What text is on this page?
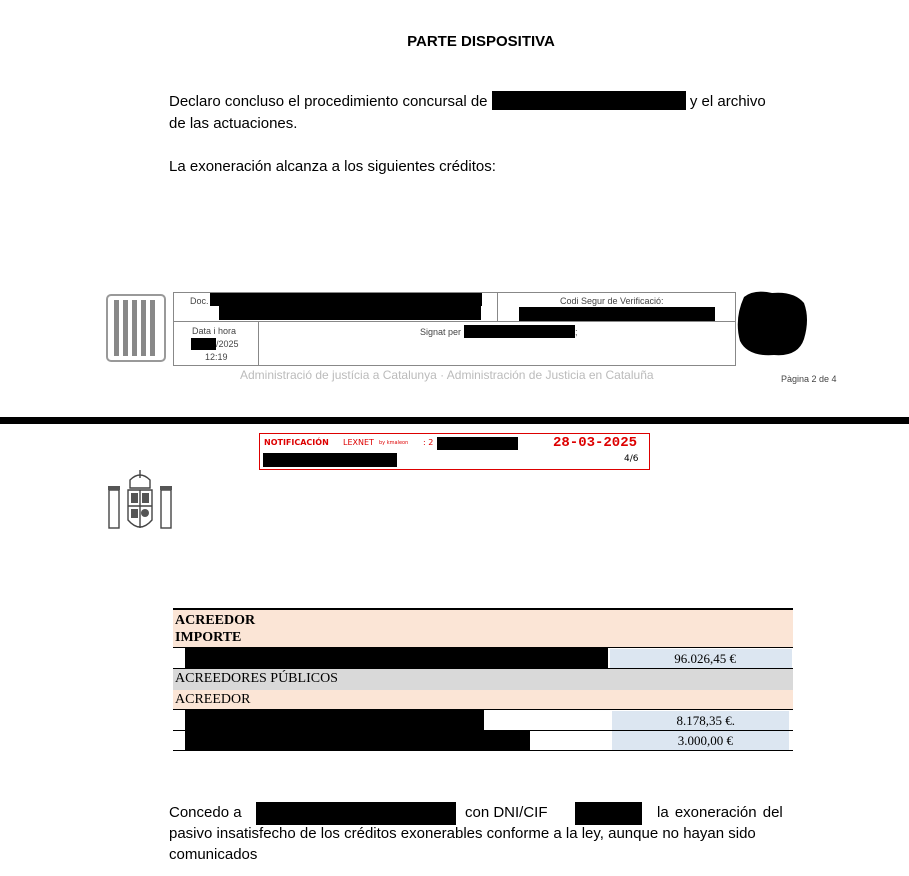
PARTE DISPOSITIVA
Declaro concluso el procedimiento concursal de	y el archivo
de las actuaciones.
La exoneración alcanza a los siguientes créditos:
Doc.	Codi Segur de Verificació:
Data i hora
/2025
12:19
Signat per	;
Administració de justícia a Catalunya · Administración de Justicia en Cataluña	Pàgina 2 de 4
NOTIFICACIÓN LEXNET by kmaleon : 2	28-03-2025
4/6
ACREEDOR
IMPORTE
96.026,45 €
ACREEDORES PÚBLICOS
ACREEDOR
8.178,35 €.
3.000,00 €
Concedo a	con DNI/CIF	la exoneración del
pasivo insatisfecho de los créditos exonerables conforme a la ley, aunque no hayan sido
comunicados
